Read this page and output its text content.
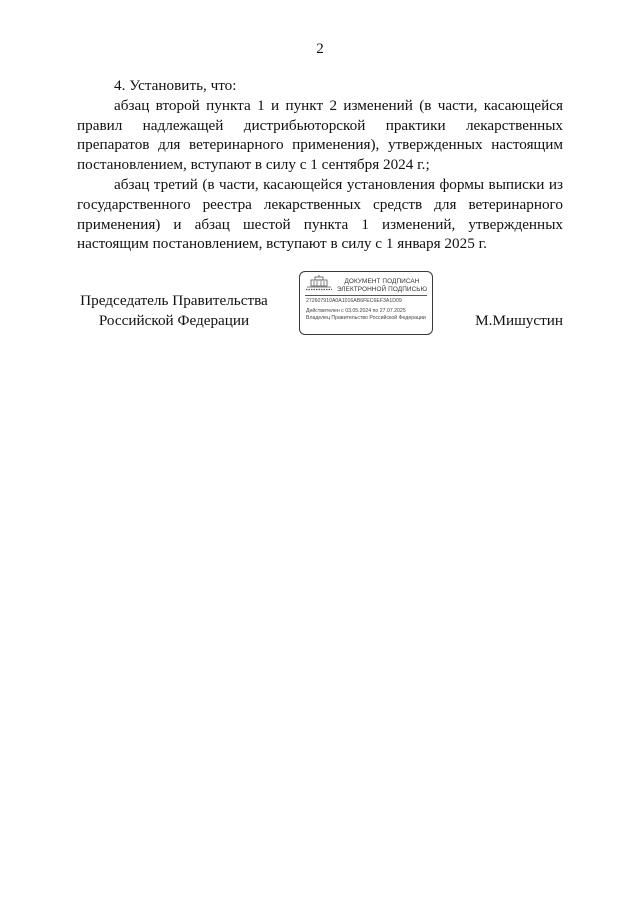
2

4. Установить, что:

абзац второй пункта 1 и пункт 2 изменений (в части, касающейся правил надлежащей дистрибьюторской практики лекарственных препаратов для ветеринарного применения), утвержденных настоящим постановлением, вступают в силу с 1 сентября 2024 г.;

абзац третий (в части, касающейся установления формы выписки из государственного реестра лекарственных средств для ветеринарного применения) и абзац шестой пункта 1 изменений, утвержденных настоящим постановлением, вступают в силу с 1 января 2025 г.

Председатель Правительства
Российской Федерации
ДОКУМЕНТ ПОДПИСАН
ЭЛЕКТРОННОЙ ПОДПИСЬЮ
272607910A0A1016AB6FEC6EF3A1D09
Действителен с 03.05.2024 по 27.07.2025
Владелец Правительство Российской Федерации	М.Мишустин
